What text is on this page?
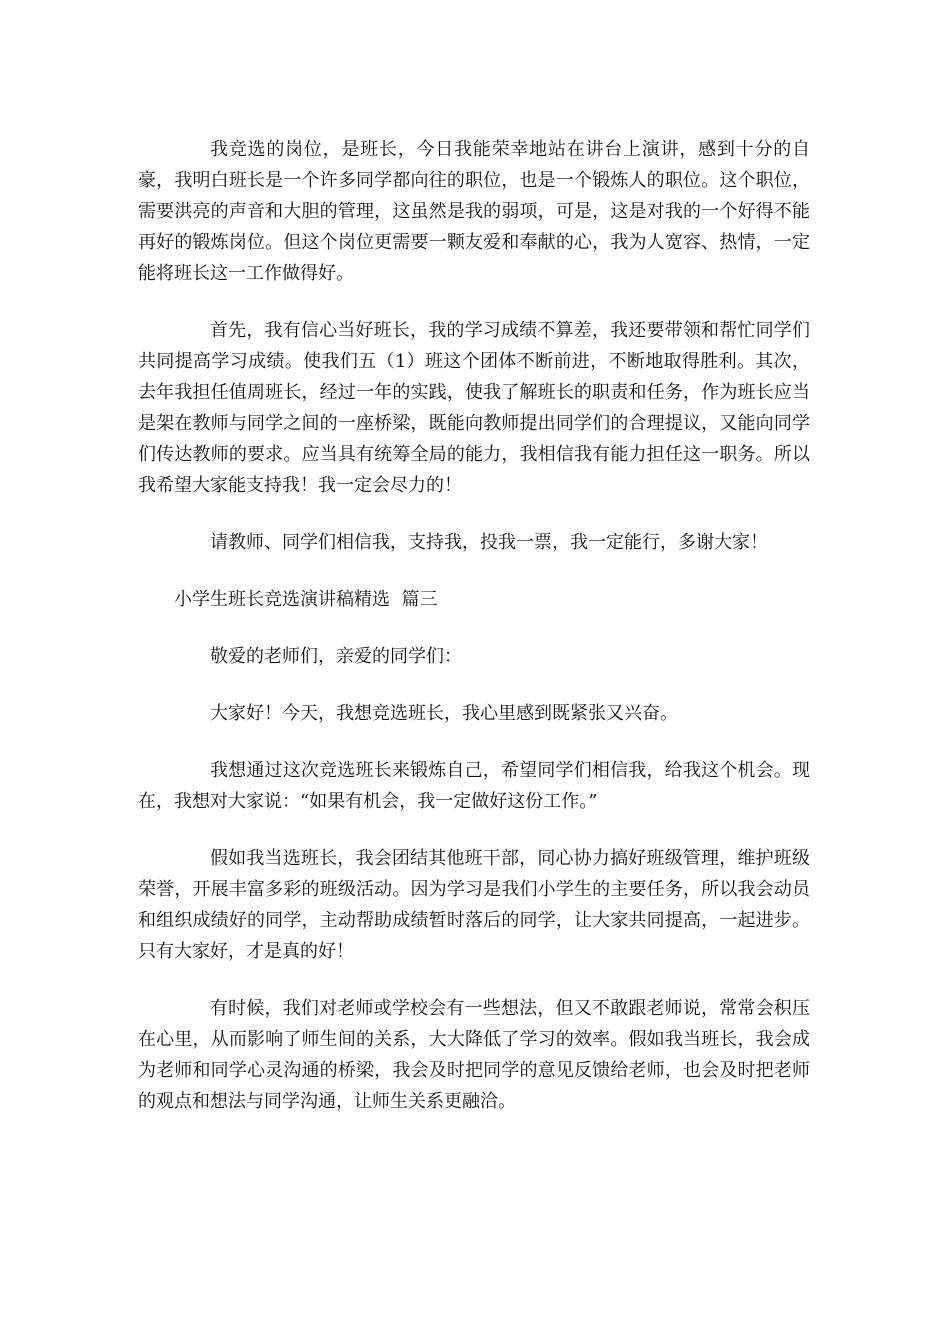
我竞选的岗位，是班长，今日我能荣幸地站在讲台上演讲，感到十分的自豪，我明白班长是一个许多同学都向往的职位，也是一个锻炼人的职位。这个职位，需要洪亮的声音和大胆的管理，这虽然是我的弱项，可是，这是对我的一个好得不能再好的锻炼岗位。但这个岗位更需要一颗友爱和奉献的心，我为人宽容、热情，一定能将班长这一工作做得好。

首先，我有信心当好班长，我的学习成绩不算差，我还要带领和帮忙同学们共同提高学习成绩。使我们五（1）班这个团体不断前进，不断地取得胜利。其次，去年我担任值周班长，经过一年的实践，使我了解班长的职责和任务，作为班长应当是架在教师与同学之间的一座桥梁，既能向教师提出同学们的合理提议，又能向同学们传达教师的要求。应当具有统筹全局的能力，我相信我有能力担任这一职务。所以我希望大家能支持我！我一定会尽力的！

请教师、同学们相信我，支持我，投我一票，我一定能行，多谢大家！

小学生班长竞选演讲稿精选  篇三

敬爱的老师们，亲爱的同学们：

大家好！今天，我想竞选班长，我心里感到既紧张又兴奋。

我想通过这次竞选班长来锻炼自己，希望同学们相信我，给我这个机会。现在，我想对大家说：“如果有机会，我一定做好这份工作。”

假如我当选班长，我会团结其他班干部，同心协力搞好班级管理，维护班级荣誉，开展丰富多彩的班级活动。因为学习是我们小学生的主要任务，所以我会动员和组织成绩好的同学，主动帮助成绩暂时落后的同学，让大家共同提高，一起进步。只有大家好，才是真的好！

有时候，我们对老师或学校会有一些想法，但又不敢跟老师说，常常会积压在心里，从而影响了师生间的关系，大大降低了学习的效率。假如我当班长，我会成为老师和同学心灵沟通的桥梁，我会及时把同学的意见反馈给老师，也会及时把老师的观点和想法与同学沟通，让师生关系更融洽。
